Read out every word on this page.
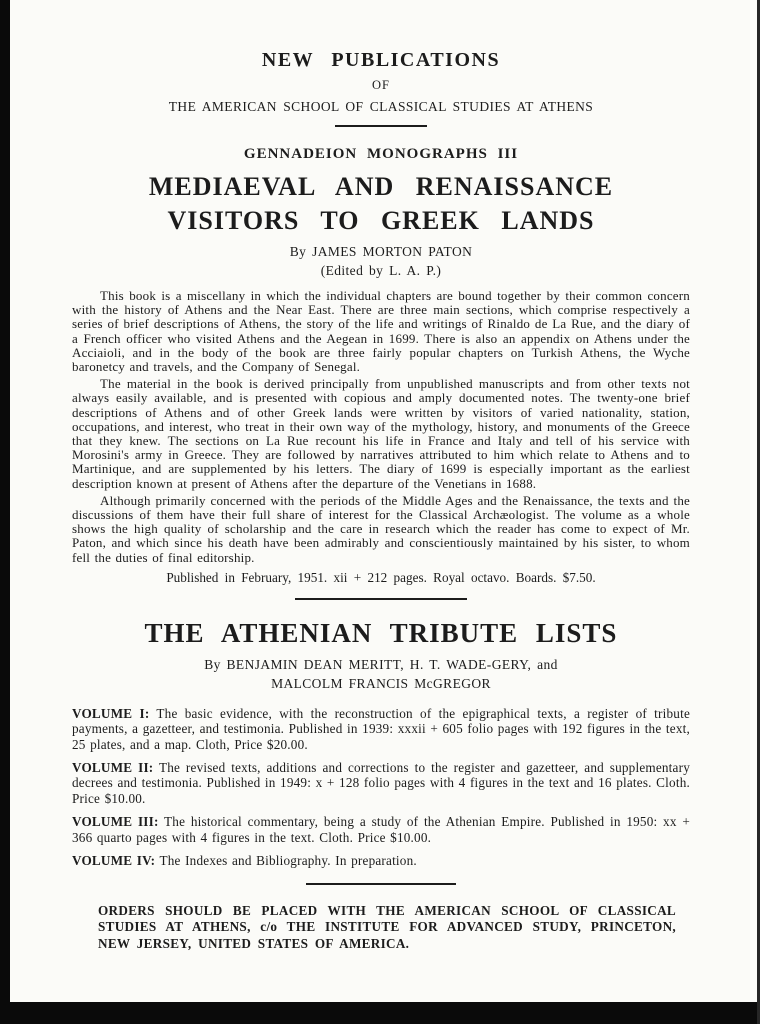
NEW PUBLICATIONS
OF
THE AMERICAN SCHOOL OF CLASSICAL STUDIES AT ATHENS
GENNADEION MONOGRAPHS III
MEDIAEVAL AND RENAISSANCE
VISITORS TO GREEK LANDS
By JAMES MORTON PATON
(Edited by L. A. P.)

This book is a miscellany in which the individual chapters are bound together by their common concern with the history of Athens and the Near East. There are three main sections, which comprise respectively a series of brief descriptions of Athens, the story of the life and writings of Rinaldo de La Rue, and the diary of a French officer who visited Athens and the Aegean in 1699. There is also an appendix on Athens under the Acciaioli, and in the body of the book are three fairly popular chapters on Turkish Athens, the Wyche baronetcy and travels, and the Company of Senegal.

The material in the book is derived principally from unpublished manuscripts and from other texts not always easily available, and is presented with copious and amply documented notes. The twenty-one brief descriptions of Athens and of other Greek lands were written by visitors of varied nationality, station, occupations, and interest, who treat in their own way of the mythology, history, and monuments of the Greece that they knew. The sections on La Rue recount his life in France and Italy and tell of his service with Morosini's army in Greece. They are followed by narratives attributed to him which relate to Athens and to Martinique, and are supplemented by his letters. The diary of 1699 is especially important as the earliest description known at present of Athens after the departure of the Venetians in 1688.

Although primarily concerned with the periods of the Middle Ages and the Renaissance, the texts and the discussions of them have their full share of interest for the Classical Archæologist. The volume as a whole shows the high quality of scholarship and the care in research which the reader has come to expect of Mr. Paton, and which since his death have been admirably and conscientiously maintained by his sister, to whom fell the duties of final editorship.

Published in February, 1951. xii + 212 pages. Royal octavo. Boards. $7.50.

THE ATHENIAN TRIBUTE LISTS
By BENJAMIN DEAN MERITT, H. T. WADE-GERY, and
MALCOLM FRANCIS McGREGOR

VOLUME I: The basic evidence, with the reconstruction of the epigraphical texts, a register of tribute payments, a gazetteer, and testimonia. Published in 1939: xxxii + 605 folio pages with 192 figures in the text, 25 plates, and a map. Cloth, Price $20.00.

VOLUME II: The revised texts, additions and corrections to the register and gazetteer, and supplementary decrees and testimonia. Published in 1949: x + 128 folio pages with 4 figures in the text and 16 plates. Cloth. Price $10.00.

VOLUME III: The historical commentary, being a study of the Athenian Empire. Published in 1950: xx + 366 quarto pages with 4 figures in the text. Cloth. Price $10.00.

VOLUME IV: The Indexes and Bibliography. In preparation.

ORDERS SHOULD BE PLACED WITH THE AMERICAN SCHOOL OF CLASSICAL STUDIES AT ATHENS, c/o THE INSTITUTE FOR ADVANCED STUDY, PRINCETON, NEW JERSEY, UNITED STATES OF AMERICA.
